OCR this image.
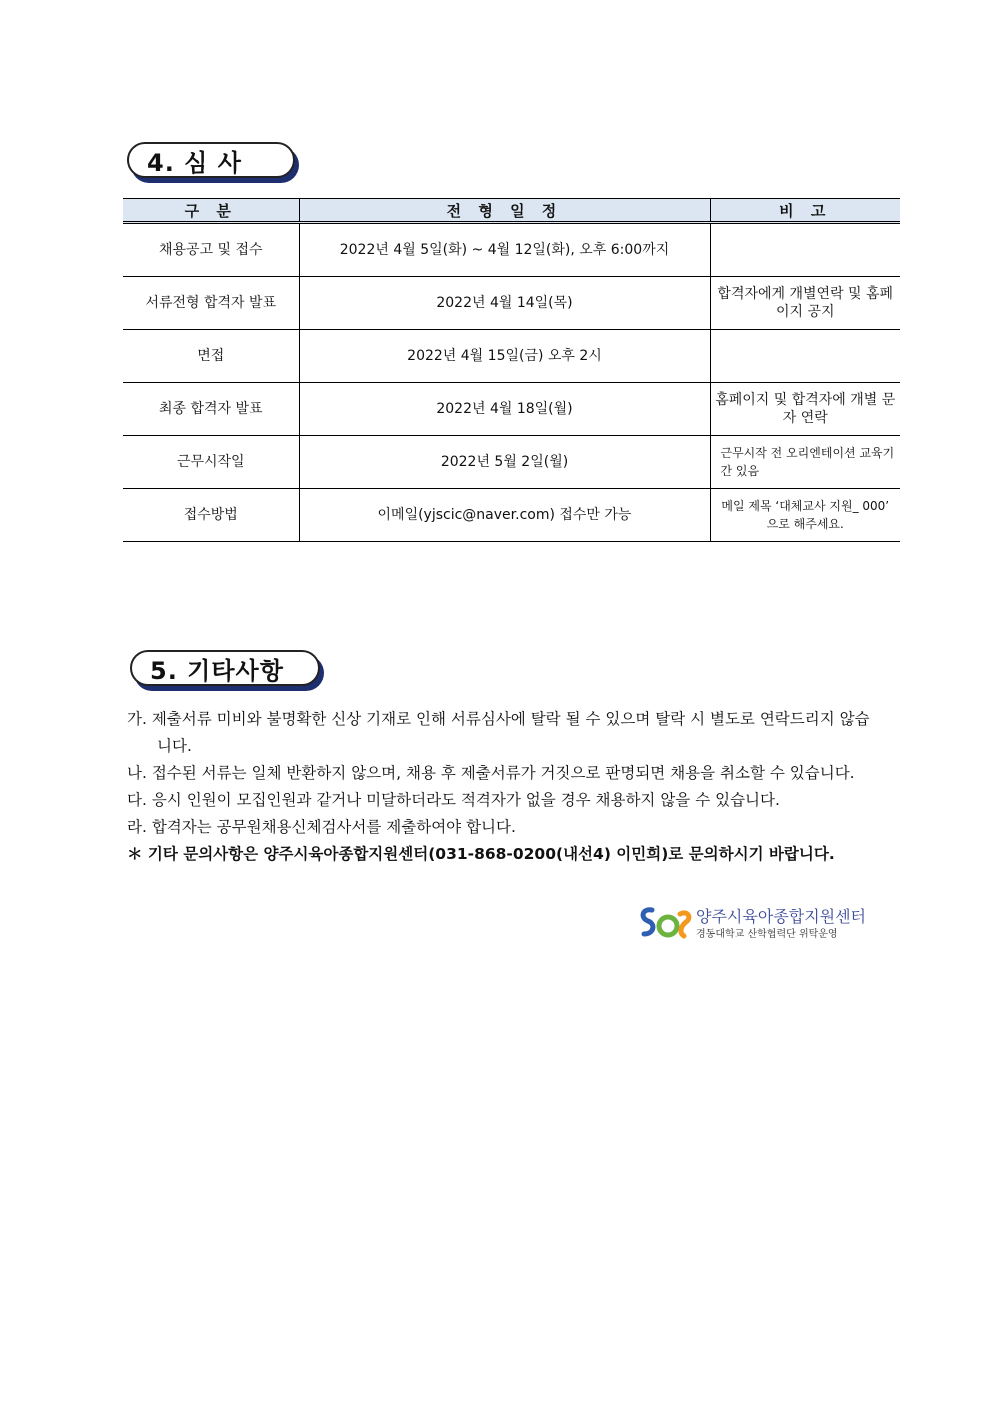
4. 심 사
구 분	전 형 일 정	비 고
채용공고 및 접수	2022년 4월 5일(화) ~ 4월 12일(화), 오후 6:00까지	
서류전형 합격자 발표	2022년 4월 14일(목)	합격자에게 개별연락 및 홈페이지 공지
면접	2022년 4월 15일(금) 오후 2시	
최종 합격자 발표	2022년 4월 18일(월)	홈페이지 및 합격자에 개별 문자 연락
근무시작일	2022년 5월 2일(월)	근무시작 전 오리엔테이션 교육기간 있음
접수방법	이메일(yjscic@naver.com) 접수만 가능	메일 제목 ‘대체교사 지원_ 000’ 으로 해주세요.
5. 기타사항

가. 제출서류 미비와 불명확한 신상 기재로 인해 서류심사에 탈락 될 수 있으며 탈락 시 별도로 연락드리지 않습니다.

나. 접수된 서류는 일체 반환하지 않으며, 채용 후 제출서류가 거짓으로 판명되면 채용을 취소할 수 있습니다.

다. 응시 인원이 모집인원과 같거나 미달하더라도 적격자가 없을 경우 채용하지 않을 수 있습니다.

라. 합격자는 공무원채용신체검사서를 제출하여야 합니다.

＊ 기타 문의사항은 양주시육아종합지원센터(031-868-0200(내선4) 이민희)로 문의하시기 바랍니다.

양주시육아종합지원센터
경동대학교 산학협력단 위탁운영
